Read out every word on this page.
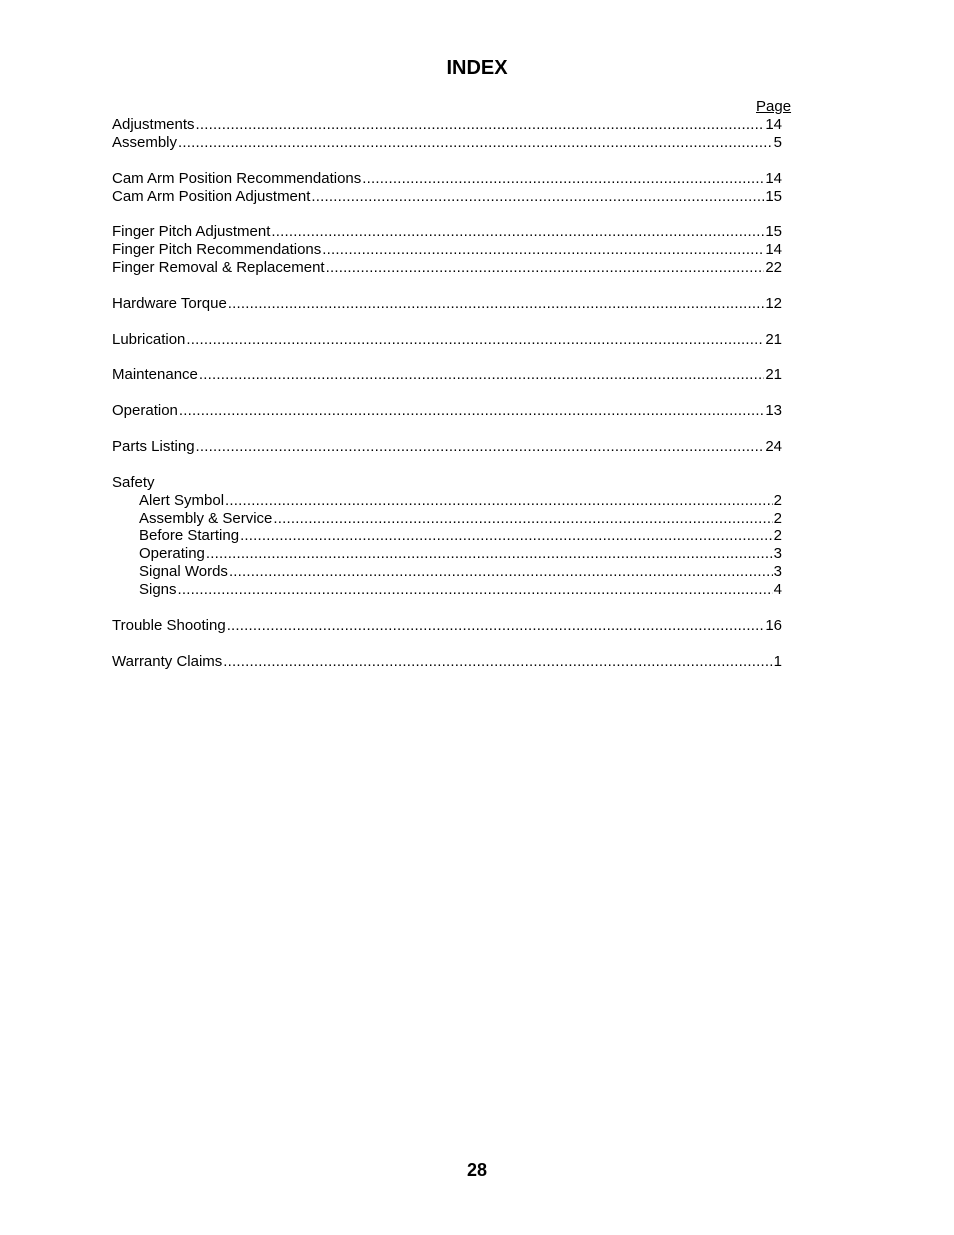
INDEX
Page
Adjustments .....	14
Assembly .....	5
Cam Arm Position Recommendations .....	14
Cam Arm Position Adjustment .....	15
Finger Pitch Adjustment .....	15
Finger Pitch Recommendations .....	14
Finger Removal & Replacement .....	22
Hardware Torque .....	12
Lubrication .....	21
Maintenance .....	21
Operation .....	13
Parts Listing .....	24
Safety
Alert Symbol .....	2
Assembly & Service .....	2
Before Starting .....	2
Operating .....	3
Signal Words .....	3
Signs .....	4
Trouble Shooting .....	16
Warranty Claims .....	1
28
